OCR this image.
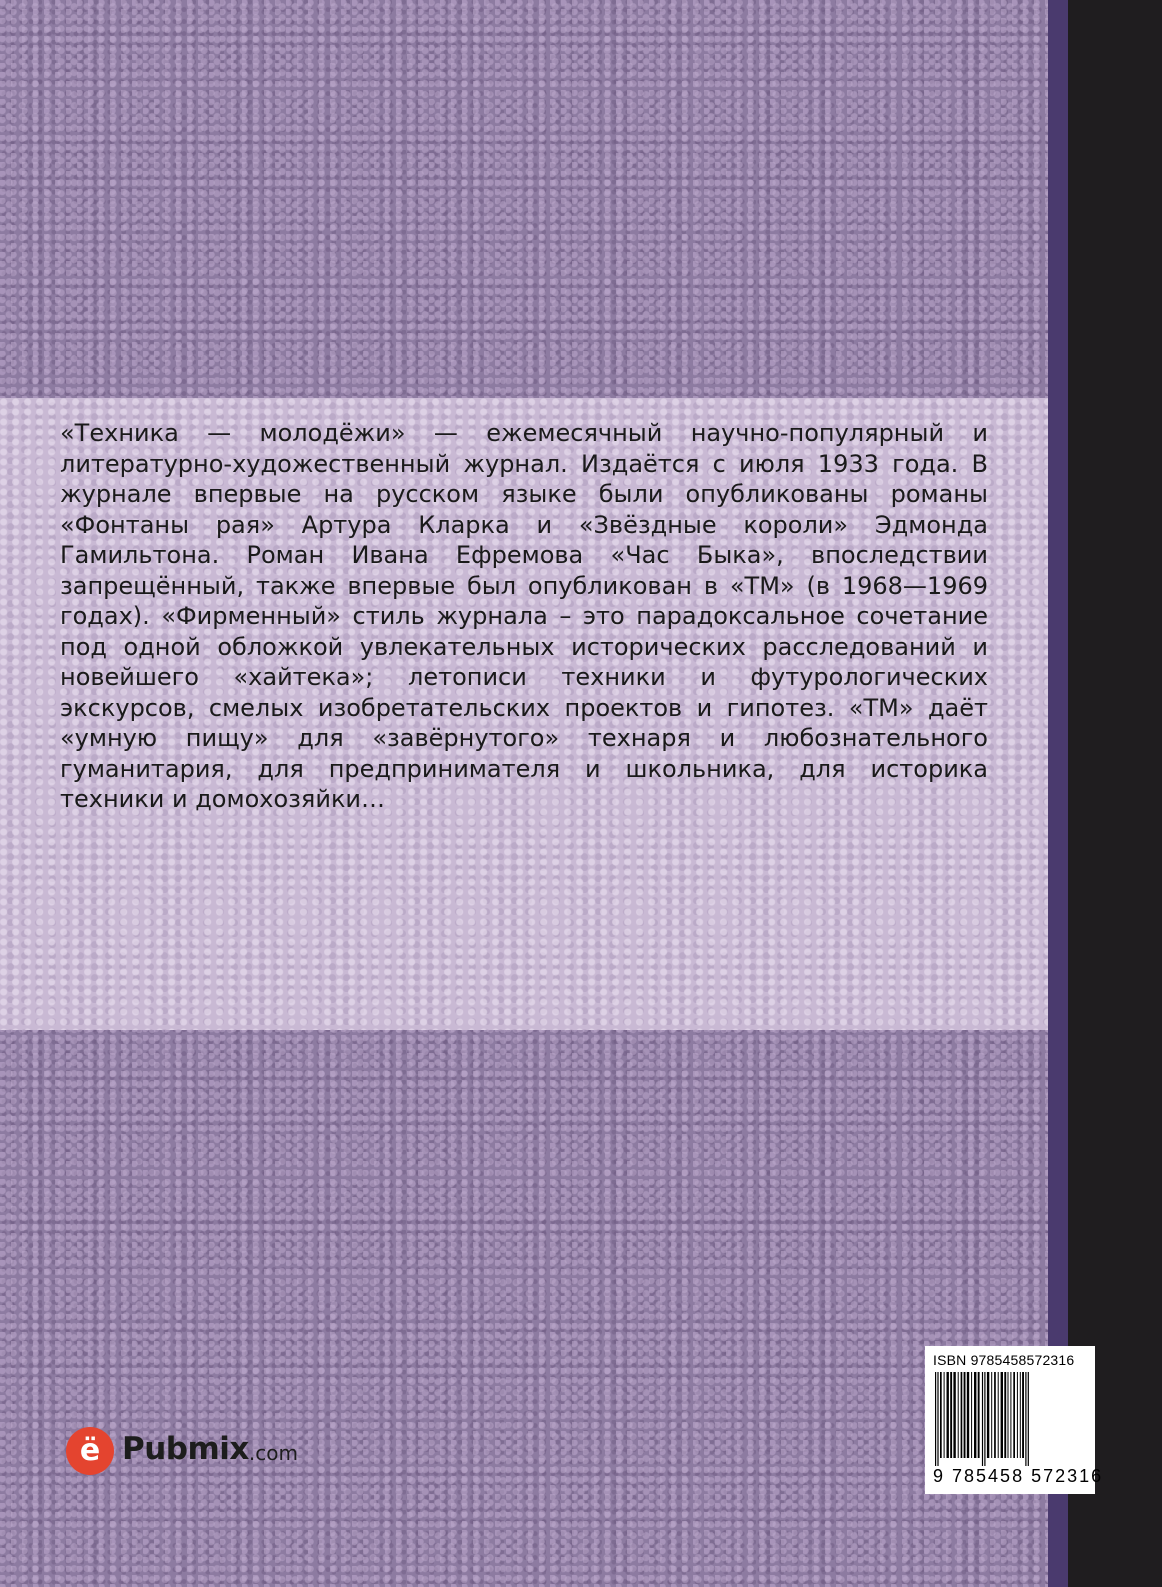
«Техника — молодёжи» — ежемесячный научно-популярный и литературно-художественный журнал. Издаётся с июля 1933 года. В журнале впервые на русском языке были опубликованы романы «Фонтаны рая» Артура Кларка и «Звёздные короли» Эдмонда Гамильтона. Роман Ивана Ефремова «Час Быка», впоследствии запрещённый, также впервые был опубликован в «ТМ» (в 1968—1969 годах). «Фирменный» стиль журнала – это парадоксальное сочетание под одной обложкой увлекательных исторических расследований и новейшего «хайтека»; летописи техники и футурологических экскурсов, смелых изобретательских проектов и гипотез. «ТМ» даёт «умную пищу» для «завёрнутого» технаря и любознательного гуманитария, для предпринимателя и школьника, для историка техники и домохозяйки…

ё Pubmix .com
ISBN 9785458572316
9 785458 572316
